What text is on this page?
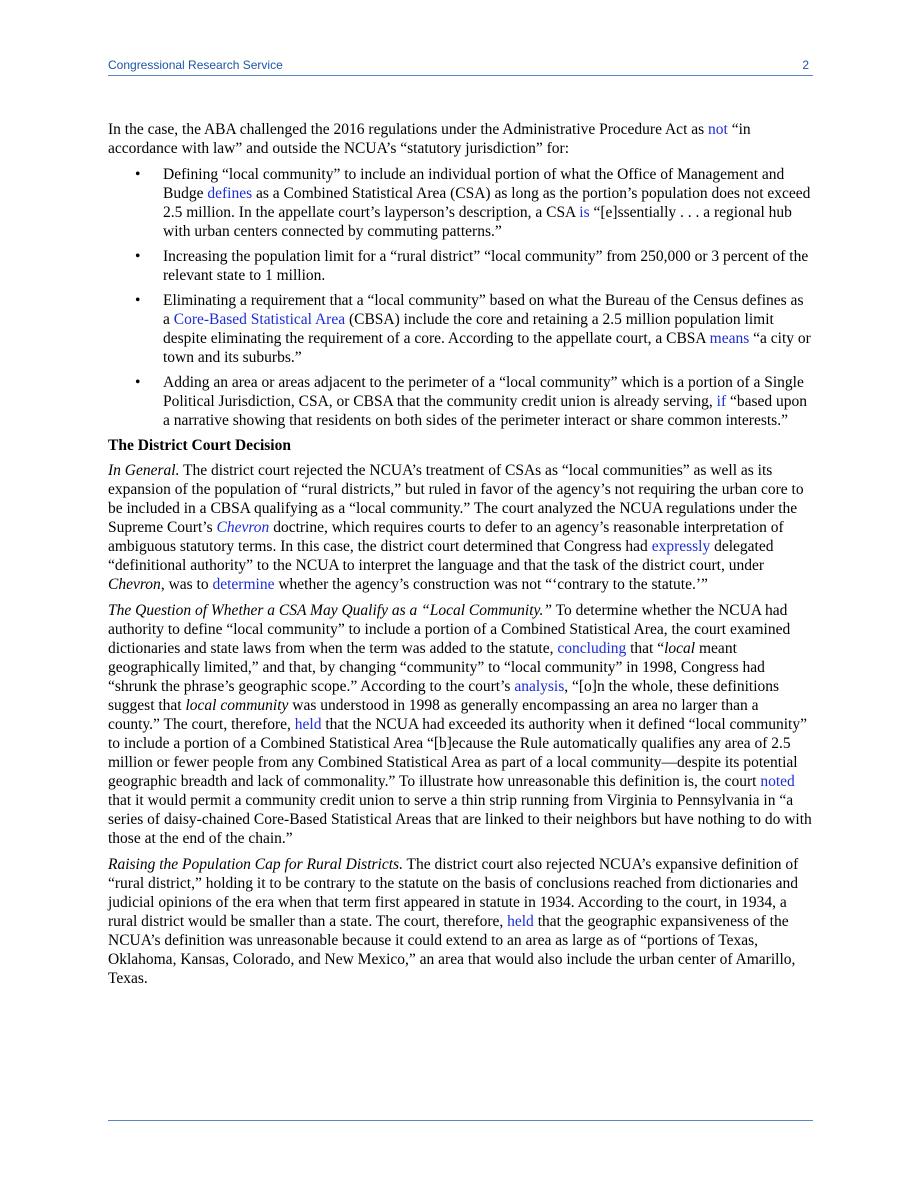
Congressional Research Service	2

In the case, the ABA challenged the 2016 regulations under the Administrative Procedure Act as not “in accordance with law” and outside the NCUA’s “statutory jurisdiction” for:

• Defining “local community” to include an individual portion of what the Office of Management and Budge defines as a Combined Statistical Area (CSA) as long as the portion’s population does not exceed 2.5 million. In the appellate court’s layperson’s description, a CSA is “[e]ssentially . . . a regional hub with urban centers connected by commuting patterns.”
• Increasing the population limit for a “rural district” “local community” from 250,000 or 3 percent of the relevant state to 1 million.
• Eliminating a requirement that a “local community” based on what the Bureau of the Census defines as a Core-Based Statistical Area (CBSA) include the core and retaining a 2.5 million population limit despite eliminating the requirement of a core. According to the appellate court, a CBSA means “a city or town and its suburbs.”
• Adding an area or areas adjacent to the perimeter of a “local community” which is a portion of a Single Political Jurisdiction, CSA, or CBSA that the community credit union is already serving, if “based upon a narrative showing that residents on both sides of the perimeter interact or share common interests.”
The District Court Decision

In General. The district court rejected the NCUA’s treatment of CSAs as “local communities” as well as its expansion of the population of “rural districts,” but ruled in favor of the agency’s not requiring the urban core to be included in a CBSA qualifying as a “local community.” The court analyzed the NCUA regulations under the Supreme Court’s Chevron doctrine, which requires courts to defer to an agency’s reasonable interpretation of ambiguous statutory terms. In this case, the district court determined that Congress had expressly delegated “definitional authority” to the NCUA to interpret the language and that the task of the district court, under Chevron, was to determine whether the agency’s construction was not “‘contrary to the statute.’”

The Question of Whether a CSA May Qualify as a “Local Community.” To determine whether the NCUA had authority to define “local community” to include a portion of a Combined Statistical Area, the court examined dictionaries and state laws from when the term was added to the statute, concluding that “local meant geographically limited,” and that, by changing “community” to “local community” in 1998, Congress had “shrunk the phrase’s geographic scope.” According to the court’s analysis, “[o]n the whole, these definitions suggest that local community was understood in 1998 as generally encompassing an area no larger than a county.” The court, therefore, held that the NCUA had exceeded its authority when it defined “local community” to include a portion of a Combined Statistical Area “[b]ecause the Rule automatically qualifies any area of 2.5 million or fewer people from any Combined Statistical Area as part of a local community—despite its potential geographic breadth and lack of commonality.” To illustrate how unreasonable this definition is, the court noted that it would permit a community credit union to serve a thin strip running from Virginia to Pennsylvania in “a series of daisy-chained Core-Based Statistical Areas that are linked to their neighbors but have nothing to do with those at the end of the chain.”

Raising the Population Cap for Rural Districts. The district court also rejected NCUA’s expansive definition of “rural district,” holding it to be contrary to the statute on the basis of conclusions reached from dictionaries and judicial opinions of the era when that term first appeared in statute in 1934. According to the court, in 1934, a rural district would be smaller than a state. The court, therefore, held that the geographic expansiveness of the NCUA’s definition was unreasonable because it could extend to an area as large as of “portions of Texas, Oklahoma, Kansas, Colorado, and New Mexico,” an area that would also include the urban center of Amarillo, Texas.
